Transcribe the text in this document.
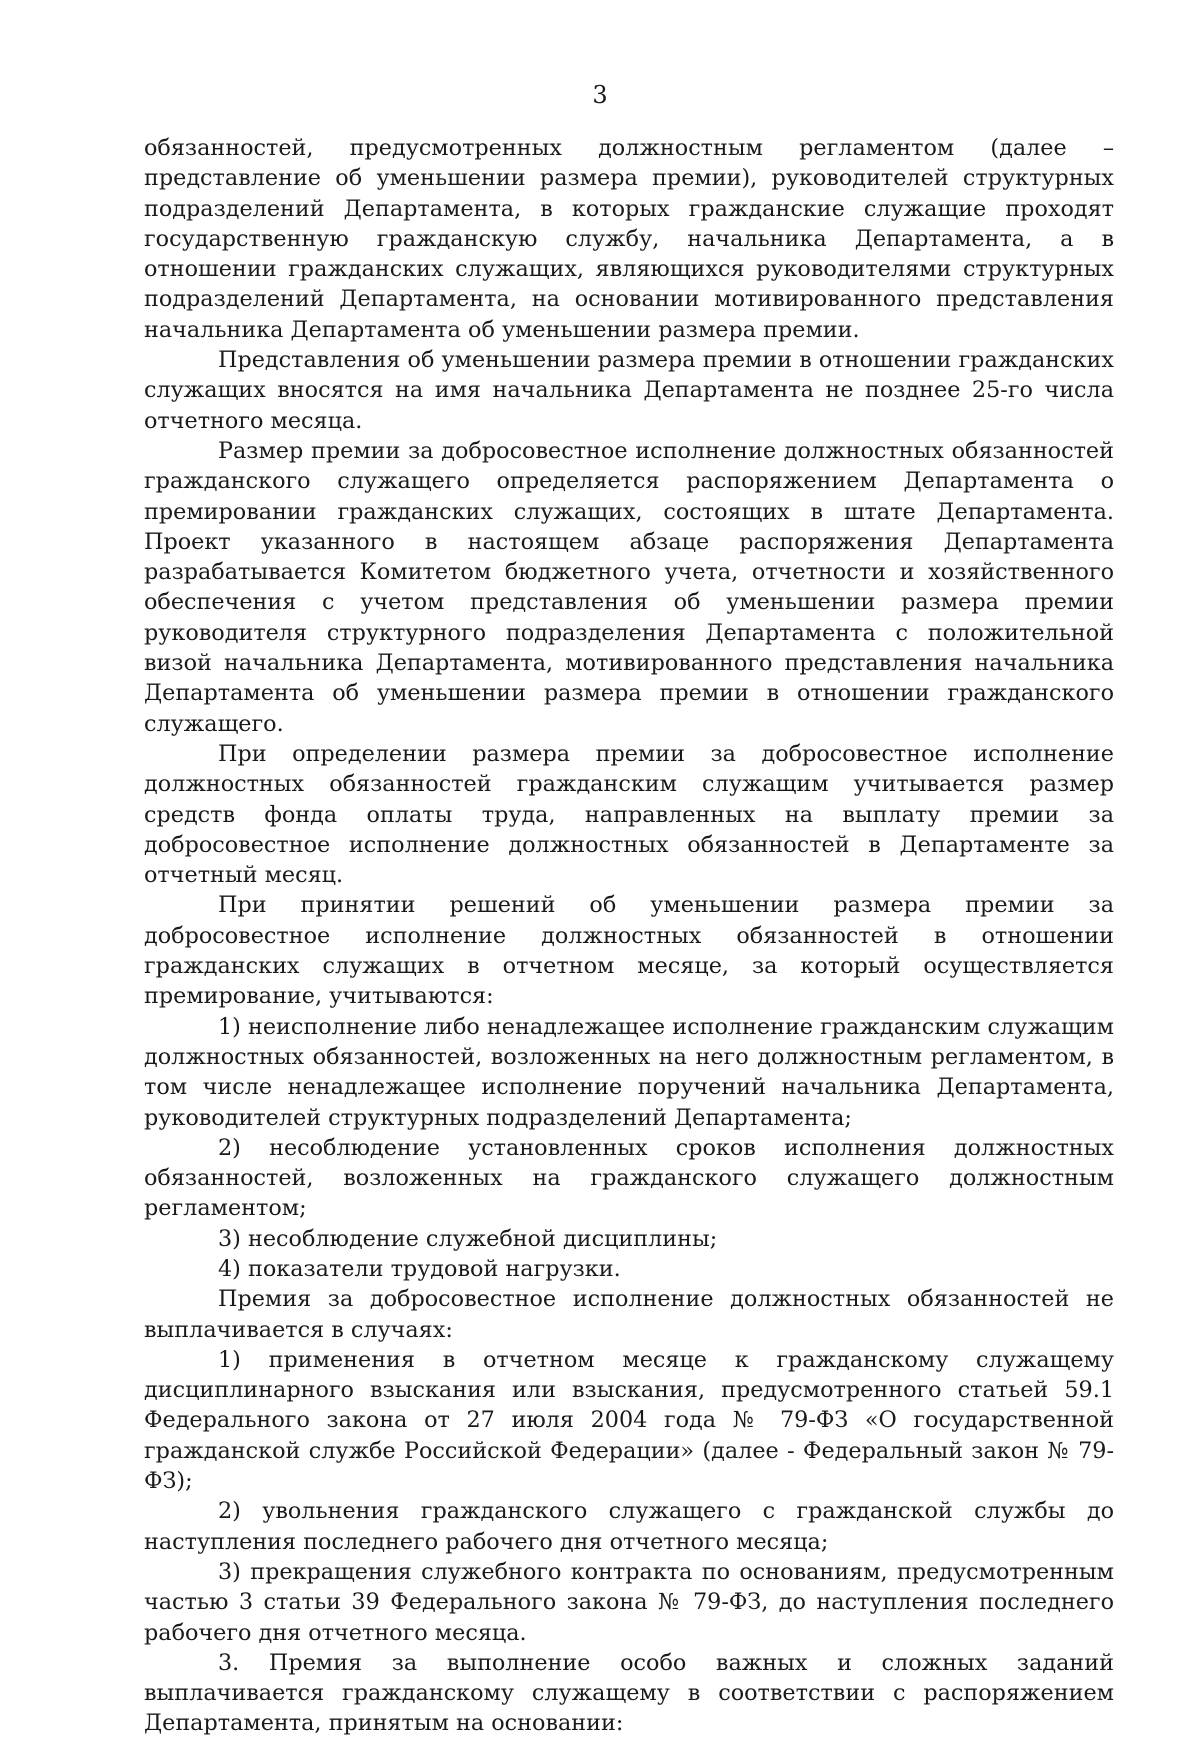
3

обязанностей, предусмотренных должностным регламентом (далее – представление об уменьшении размера премии), руководителей структурных подразделений Департамента, в которых гражданские служащие проходят государственную гражданскую службу, начальника Департамента, а в отношении гражданских служащих, являющихся руководителями структурных подразделений Департамента, на основании мотивированного представления начальника Департамента об уменьшении размера премии.

Представления об уменьшении размера премии в отношении гражданских служащих вносятся на имя начальника Департамента не позднее 25-го числа отчетного месяца.

Размер премии за добросовестное исполнение должностных обязанностей гражданского служащего определяется распоряжением Департамента о премировании гражданских служащих, состоящих в штате Департамента. Проект указанного в настоящем абзаце распоряжения Департамента разрабатывается Комитетом бюджетного учета, отчетности и хозяйственного обеспечения с учетом представления об уменьшении размера премии руководителя структурного подразделения Департамента с положительной визой начальника Департамента, мотивированного представления начальника Департамента об уменьшении размера премии в отношении гражданского служащего.

При определении размера премии за добросовестное исполнение должностных обязанностей гражданским служащим учитывается размер средств фонда оплаты труда, направленных на выплату премии за добросовестное исполнение должностных обязанностей в Департаменте за отчетный месяц.

При принятии решений об уменьшении размера премии за добросовестное исполнение должностных обязанностей в отношении гражданских служащих в отчетном месяце, за который осуществляется премирование, учитываются:

1) неисполнение либо ненадлежащее исполнение гражданским служащим должностных обязанностей, возложенных на него должностным регламентом, в том числе ненадлежащее исполнение поручений начальника Департамента, руководителей структурных подразделений Департамента;

2) несоблюдение установленных сроков исполнения должностных обязанностей, возложенных на гражданского служащего должностным регламентом;

3) несоблюдение служебной дисциплины;

4) показатели трудовой нагрузки.

Премия за добросовестное исполнение должностных обязанностей не выплачивается в случаях:

1) применения в отчетном месяце к гражданскому служащему дисциплинарного взыскания или взыскания, предусмотренного статьей 59.1 Федерального закона от 27 июля 2004 года № 79-ФЗ «О государственной гражданской службе Российской Федерации» (далее - Федеральный закон № 79-ФЗ);

2) увольнения гражданского служащего с гражданской службы до наступления последнего рабочего дня отчетного месяца;

3) прекращения служебного контракта по основаниям, предусмотренным частью 3 статьи 39 Федерального закона № 79-ФЗ, до наступления последнего рабочего дня отчетного месяца.

3. Премия за выполнение особо важных и сложных заданий выплачивается гражданскому служащему в соответствии с распоряжением Департамента, принятым на основании:
